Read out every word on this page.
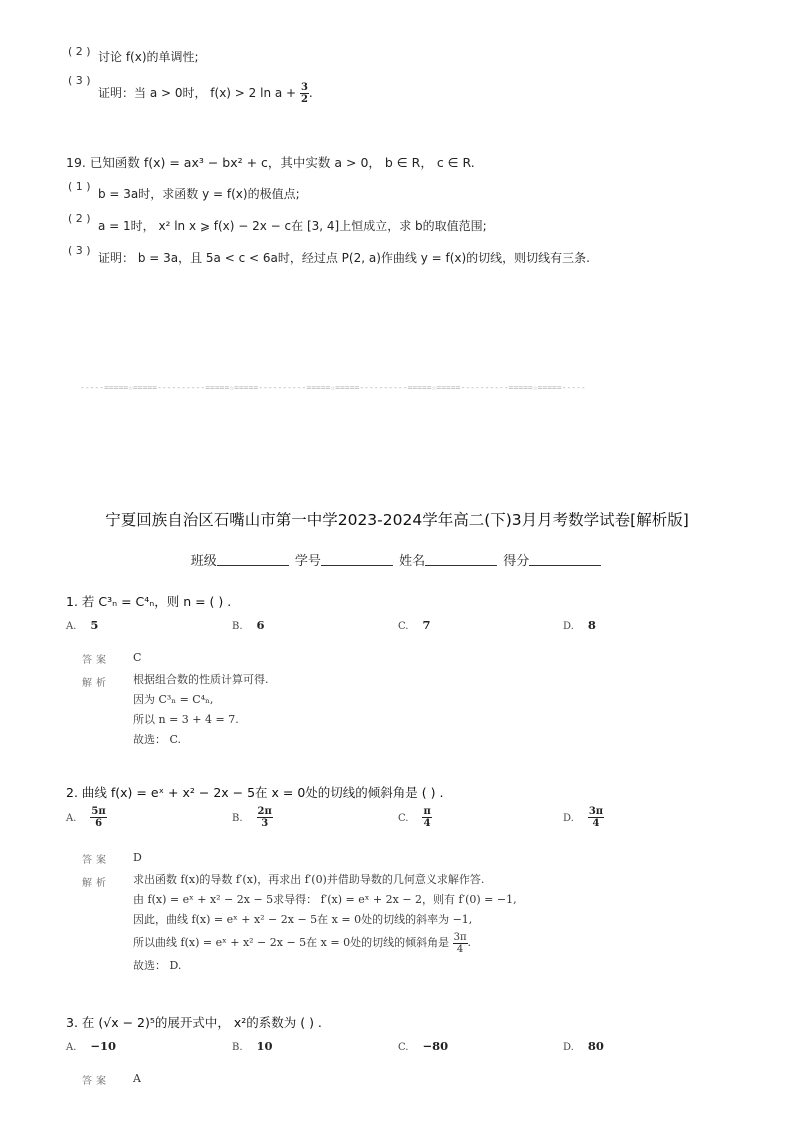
( 2 ) 讨论 f(x)的单调性;
( 3 )
证明：当 a > 0时， f(x) > 2 $\ln a + \frac{3}{2}$ .
19. 已知函数 f(x) = ax³ − bx² + c，其中实数 a > 0， b ∈ R， c ∈ R.
( 1 )
b = 3a时，求函数 y = f(x)的极值点;
( 2 )
a = 1时， x² ln x ⩾ f(x) − 2x − c在 [3, 4]上恒成立，求 b的取值范围;
( 3 )
证明： b = 3a，且 5a < c < 6a时，经过点 P(2, a)作曲线 y = f(x)的切线，则切线有三条.
-----=====☆=====----------=====☆=====----------=====☆=====----------=====☆=====----------=====☆=====-----
宁夏回族自治区石嘴山市第一中学2023-2024学年高二(下)3月月考数学试卷[解析版]
班级	学号	姓名	得分
1. 若 C³ₙ = C⁴ₙ，则 n = ( ) .
A. 5	B. 6	C. 7	D. 8
答案 C
解析 根据组合数的性质计算可得.
因为 C³ₙ = C⁴ₙ,
所以 n = 3 + 4 = 7.
故选： C.
2. 曲线 f(x) = eˣ + x² − 2x − 5在 x = 0处的切线的倾斜角是 ( ) .
A. $\frac{5\pi}{6}$	B. $\frac{2\pi}{3}$	C. $\frac{\pi}{4}$	D. $\frac{3\pi}{4}$
答案 D
解析 求出函数 f(x)的导数 f′(x)，再求出 f′(0)并借助导数的几何意义求解作答.
由 f(x) = eˣ + x² − 2x − 5求导得： f′(x) = eˣ + 2x − 2，则有 f′(0) = −1,
因此，曲线 f(x) = eˣ + x² − 2x − 5在 x = 0处的切线的斜率为 −1,
所以曲线 f(x) = eˣ + x² − 2x − 5在 x = 0处的切线的倾斜角是 $\frac{3\pi}{4}$ .
故选： D.
3. 在 (√x − 2)⁵的展开式中， x²的系数为 ( ) .
A. −10	B. 10	C. −80	D. 80
答案 A
